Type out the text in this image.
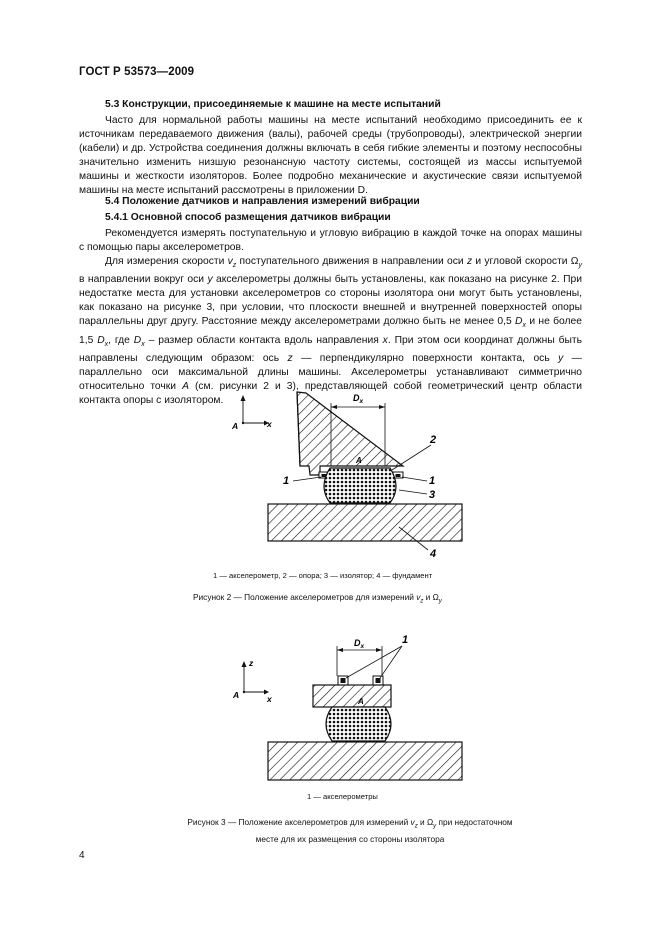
ГОСТ Р 53573—2009
5.3 Конструкции, присоединяемые к машине на месте испытаний

Часто для нормальной работы машины на месте испытаний необходимо присоединить ее к источникам передаваемого движения (валы), рабочей среды (трубопроводы), электрической энергии (кабели) и др. Устройства соединения должны включать в себя гибкие элементы и поэтому неспособны значительно изменить низшую резонансную частоту системы, состоящей из массы испытуемой машины и жесткости изоляторов. Более подробно механические и акустические связи испытуемой машины на месте испытаний рассмотрены в приложении D.

5.4 Положение датчиков и направления измерений вибрации
5.4.1 Основной способ размещения датчиков вибрации

Рекомендуется измерять поступательную и угловую вибрацию в каждой точке на опорах машины с помощью пары акселерометров.

Для измерения скорости $v_z$ поступательного движения в направлении оси z и угловой скорости $\Omega_y$ в направлении вокруг оси y акселерометры должны быть установлены, как показано на рисунке 2. При недостатке места для установки акселерометров со стороны изолятора они могут быть установлены, как показано на рисунке 3, при условии, что плоскости внешней и внутренней поверхностей опоры параллельны друг другу. Расстояние между акселерометрами должно быть не менее 0,5 $D_x$ и не более 1,5 $D_x$, где $D_x$ – размер области контакта вдоль направления x. При этом оси координат должны быть направлены следующим образом: ось z — перпендикулярно поверхности контакта, ось y — параллельно оси максимальной длины машины. Акселерометры устанавливают симметрично относительно точки A (см. рисунки 2 и 3), представляющей собой геометрический центр области контакта опоры с изолятором.

A	x
$D_x$
A
1	1
2
3
4
1 — акселерометр, 2 — опора; 3 — изолятор; 4 — фундамент
Рисунок 2 — Положение акселерометров для измерений $v_z$ и $\Omega_y$
z
A	x
$D_x$
A
1
1 — акселерометры
Рисунок 3 — Положение акселерометров для измерений $v_z$ и $\Omega_y$ при недостаточном
месте для их размещения со стороны изолятора
4
